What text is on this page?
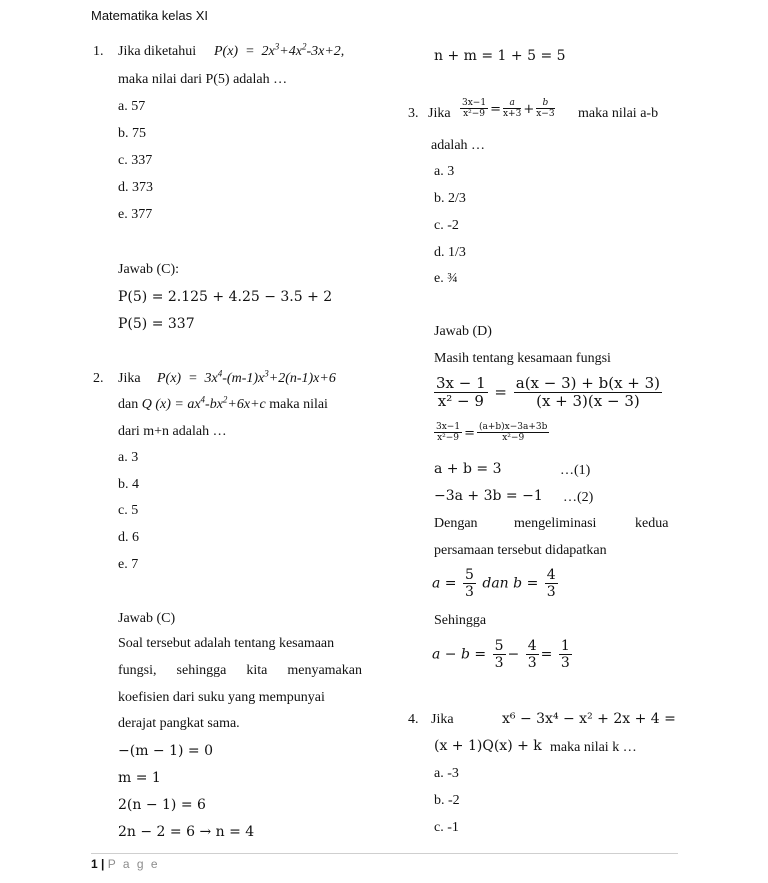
Matematika kelas XI
1. Jika diketahui $P(x) = 2x^3+4x^2-3x+2$,
maka nilai dari P(5) adalah …
a. 57
b. 75
c. 337
d. 373
e. 377
Jawab (C):
P(5) = 2.125 + 4.25 − 3.5 + 2
P(5) = 337
2. Jika $P(x) = 3x^4-(m-1)x^3+2(n-1)x+6$
dan Q $(x) = ax^4-bx^2+6x+c$ maka nilai
dari m+n adalah …
a. 3
b. 4
c. 5
d. 6
e. 7
Jawab (C)
Soal tersebut adalah tentang kesamaan
fungsi, sehingga kita menyamakan
koefisien dari suku yang mempunyai
derajat pangkat sama.
−(m − 1) = 0
m = 1
2(n − 1) = 6
2n − 2 = 6 → n = 4
n + m = 1 + 5 = 5
3. Jika $\frac{3x-1}{\text{x²−9}} = \frac{a}{x+3} + \frac{b}{x-3}$ maka nilai a-b
adalah …
a. 3
b. 2/3
c. -2
d. 1/3
e. ¾
Jawab (D)
Masih tentang kesamaan fungsi
$\frac{3x - 1}{\text{x² − 9}} = \frac{a(x - 3) + b(x + 3)}{(x + 3)(x - 3)}$
$\frac{3x-1}{\text{x²−9}} = \frac{(a+b)x-3a+3b}{\text{x²−9}}$
a + b = 3	…(1)
−3a + 3b = −1 …(2)
Dengan	mengeliminasi	kedua
persamaan tersebut didapatkan
$a = \frac{5}{3}$ dan $b = \frac{4}{3}$
Sehingga
$a - b = \frac{5}{3} - \frac{4}{3} = \frac{1}{3}$
4. Jika	x⁶ − 3x⁴ − x² + 2x + 4 =
(x + 1)Q(x) + k maka nilai k …
a. -3
b. -2
c. -1
1 | P a g e
